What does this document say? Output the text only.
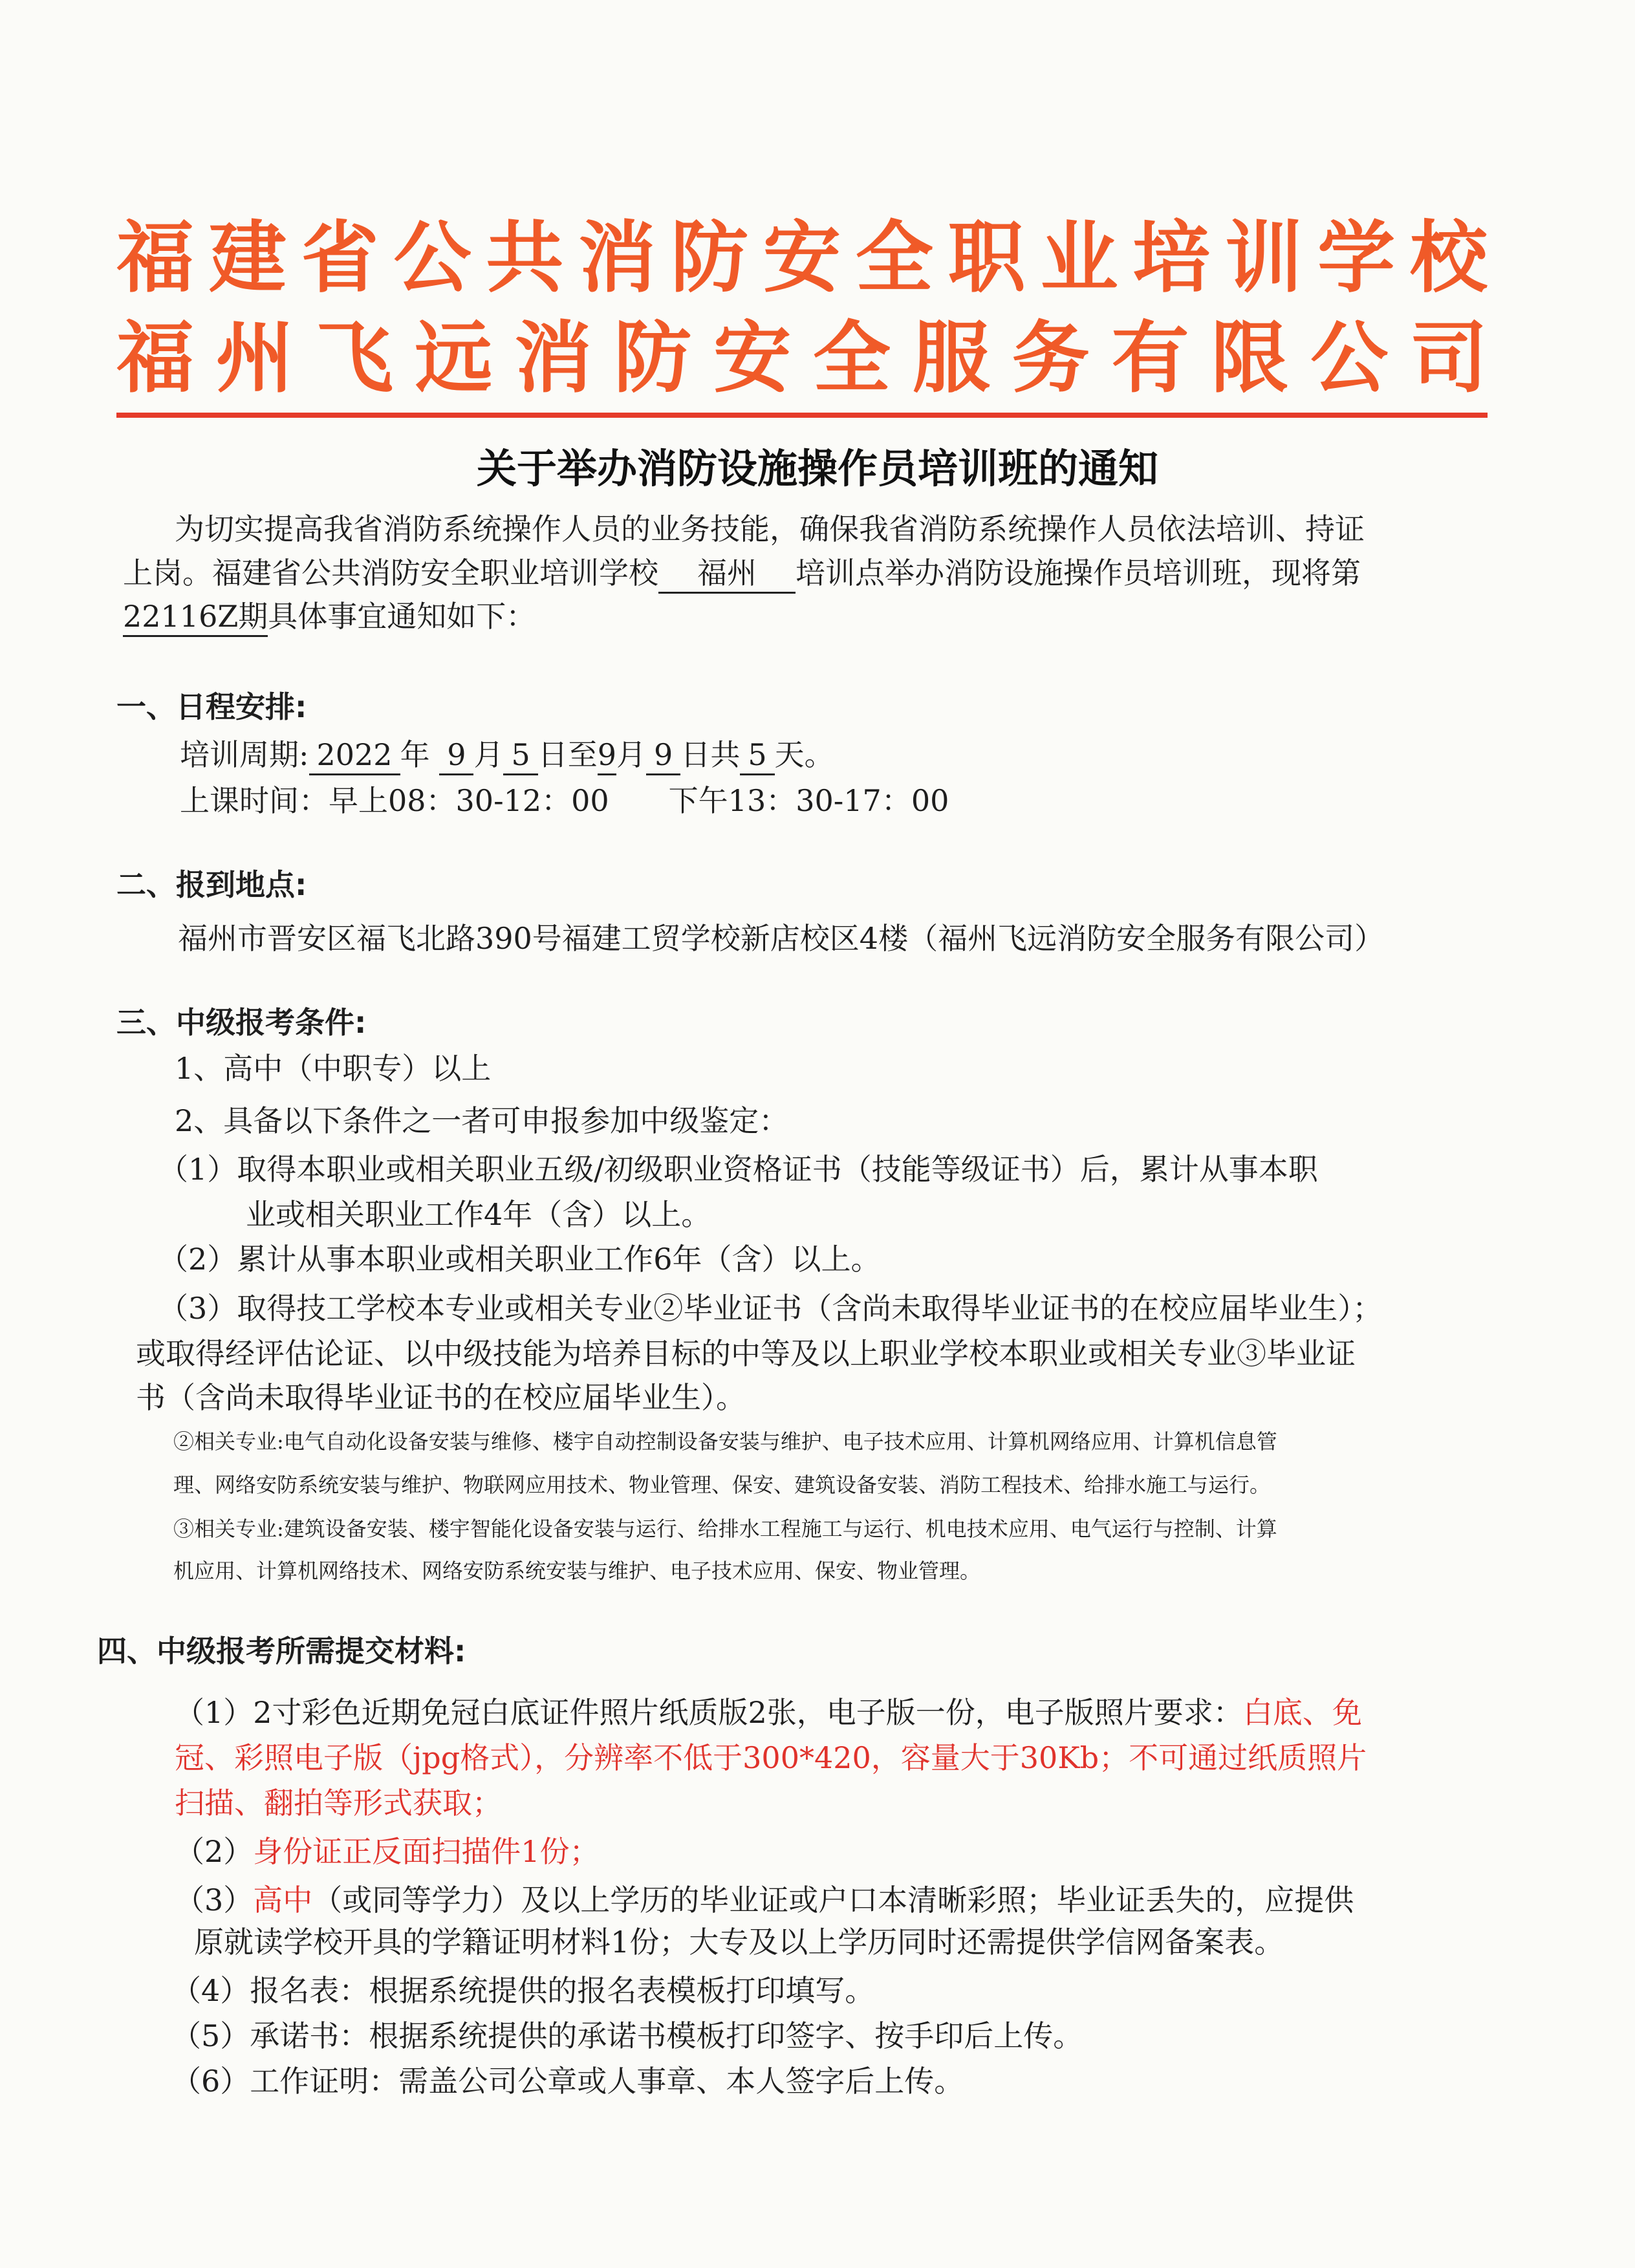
福 建 省 公 共 消 防 安 全 职 业 培 训 学 校
福 州 飞 远 消 防 安 全 服 务 有 限 公 司
关于举办消防设施操作员培训班的通知
为切实提高我省消防系统操作人员的业务技能，确保我省消防系统操作人员依法培训、持证
上岗。福建省公共消防安全职业培训学校 福州 培训点举办消防设施操作员培训班，现将第
22116Z期具体事宜通知如下：
一、日程安排:
培训周期: 2022 年 9 月 5 日至9月 9 日共 5 天。
上课时间：早上08：30-12：00　　下午13：30-17：00
二、报到地点:
福州市晋安区福飞北路390号福建工贸学校新店校区4楼（福州飞远消防安全服务有限公司）
三、中级报考条件:
1、高中（中职专）以上
2、具备以下条件之一者可申报参加中级鉴定：
（1）取得本职业或相关职业五级/初级职业资格证书（技能等级证书）后，累计从事本职
业或相关职业工作4年（含）以上。
（2）累计从事本职业或相关职业工作6年（含）以上。
（3）取得技工学校本专业或相关专业②毕业证书（含尚未取得毕业证书的在校应届毕业生）；
或取得经评估论证、以中级技能为培养目标的中等及以上职业学校本职业或相关专业③毕业证
书（含尚未取得毕业证书的在校应届毕业生）。
②相关专业:电气自动化设备安装与维修、楼宇自动控制设备安装与维护、电子技术应用、计算机网络应用、计算机信息管
理、网络安防系统安装与维护、物联网应用技术、物业管理、保安、建筑设备安装、消防工程技术、给排水施工与运行。
③相关专业:建筑设备安装、楼宇智能化设备安装与运行、给排水工程施工与运行、机电技术应用、电气运行与控制、计算
机应用、计算机网络技术、网络安防系统安装与维护、电子技术应用、保安、物业管理。
四、中级报考所需提交材料:
（1）2寸彩色近期免冠白底证件照片纸质版2张，电子版一份，电子版照片要求：白底、免
冠、彩照电子版（jpg格式），分辨率不低于300*420，容量大于30Kb；不可通过纸质照片
扫描、翻拍等形式获取；
（2）身份证正反面扫描件1份；
（3）高中（或同等学力）及以上学历的毕业证或户口本清晰彩照；毕业证丢失的，应提供
原就读学校开具的学籍证明材料1份；大专及以上学历同时还需提供学信网备案表。
（4）报名表：根据系统提供的报名表模板打印填写。
（5）承诺书：根据系统提供的承诺书模板打印签字、按手印后上传。
（6）工作证明：需盖公司公章或人事章、本人签字后上传。
